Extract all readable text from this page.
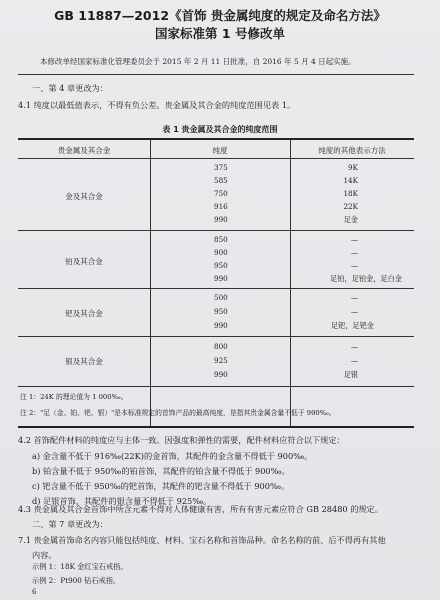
GB 11887—2012《首饰 贵金属纯度的规定及命名方法》
国家标准第 1 号修改单
本修改单经国家标准化管理委员会于 2015 年 2 月 11 日批准，自 2016 年 5 月 4 日起实施。
一、第 4 章更改为：
4.1 纯度以最低值表示，不得有负公差。贵金属及其合金的纯度范围见表 1。
表 1 贵金属及其合金的纯度范围
贵金属及其合金	纯度	纯度的其他表示方法
金及其合金
375
585
750
916
990
9K
14K
18K
22K
足金
铂及其合金
850
900
950
990
—
—
—
足铂，足铂金，足白金
钯及其合金
500
950
990
—
—
足钯，足钯金
银及其合金
800
925
990
—
—
足银
注 1：24K 的理论值为 1 000‰。
注 2："足（金、铂、钯、银）"是本标准规定的首饰产品的最高纯度，是指其贵金属含量不低于 990‰。
4.2 首饰配件材料的纯度应与主体一致。因强度和弹性的需要，配件材料应符合以下规定：
a) 金含量不低于 916‰(22K)的金首饰，其配件的金含量不得低于 900‰。
b) 铂含量不低于 950‰的铂首饰，其配件的铂含量不得低于 900‰。
c) 钯含量不低于 950‰的钯首饰，其配件的钯含量不得低于 900‰。
d) 足银首饰，其配件的银含量不得低于 925‰。
4.3 贵金属及其合金首饰中所含元素不得对人体健康有害，所有有害元素应符合 GB 28480 的规定。
二、第 7 章更改为：
7.1 贵金属首饰命名内容只能包括纯度、材料、宝石名称和首饰品种。命名名称的前、后不得再有其他
内容。
示例 1：18K 金红宝石戒指。
示例 2：Pt900 钻石戒指。
6
